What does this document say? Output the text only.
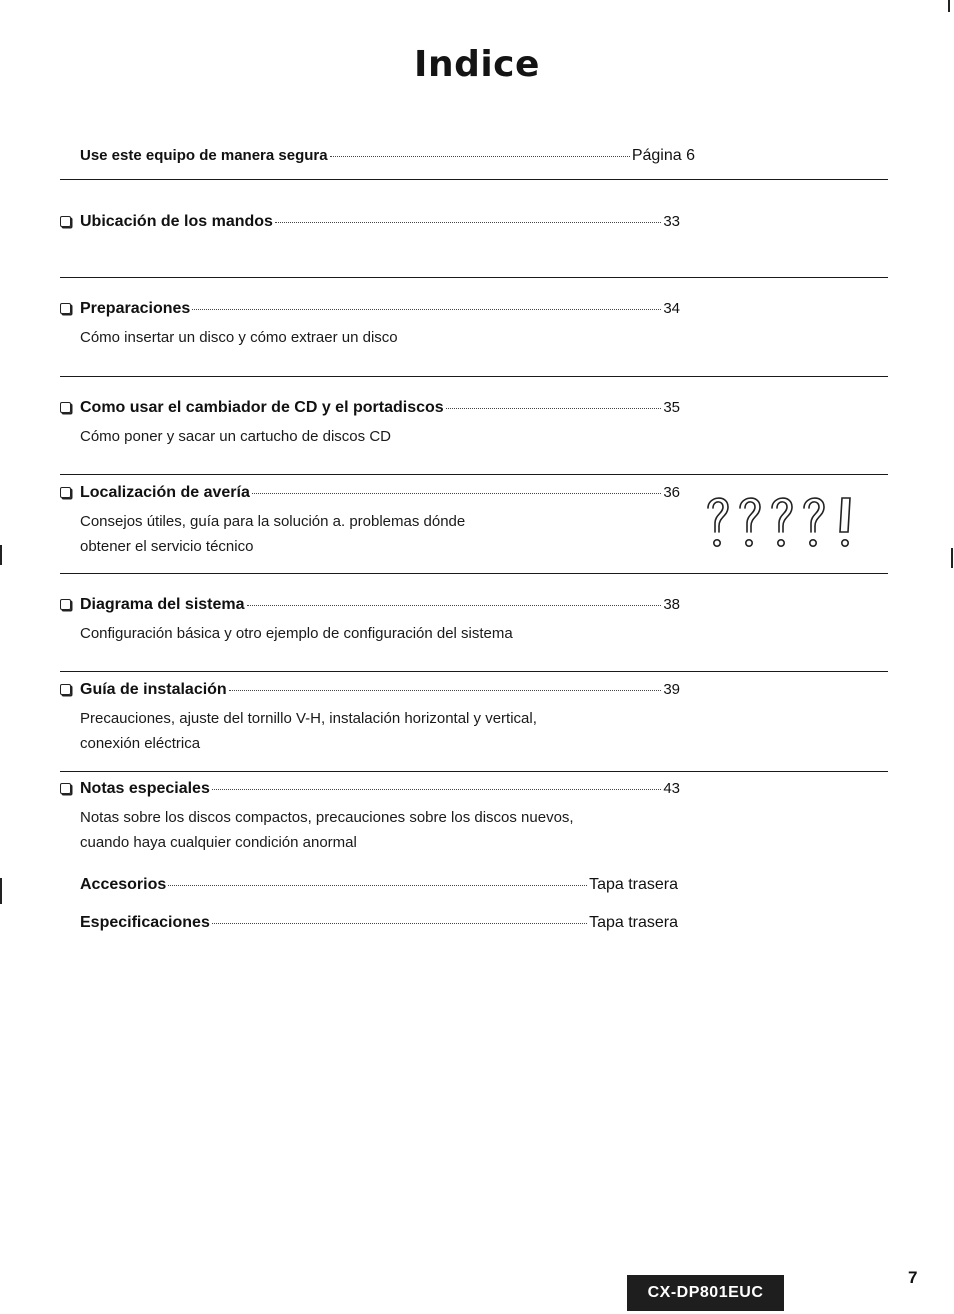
Indice
Use este equipo de manera segura	Página 6
Ubicación de los mandos	33
Preparaciones	34
Cómo insertar un disco y cómo extraer un disco
Como usar el cambiador de CD y el portadiscos	35
Cómo poner y sacar un cartucho de discos CD
Localización de avería	36
Consejos útiles, guía para la solución a. problemas dónde
obtener el servicio técnico
Diagrama del sistema	38
Configuración básica y otro ejemplo de configuración del sistema
Guía de instalación	39
Precauciones, ajuste del tornillo V-H, instalación horizontal y vertical,
conexión eléctrica
Notas especiales	43
Notas sobre los discos compactos, precauciones sobre los discos nuevos,
cuando haya cualquier condición anormal
Accesorios	Tapa trasera
Especificaciones	Tapa trasera
CX-DP801EUC
7
